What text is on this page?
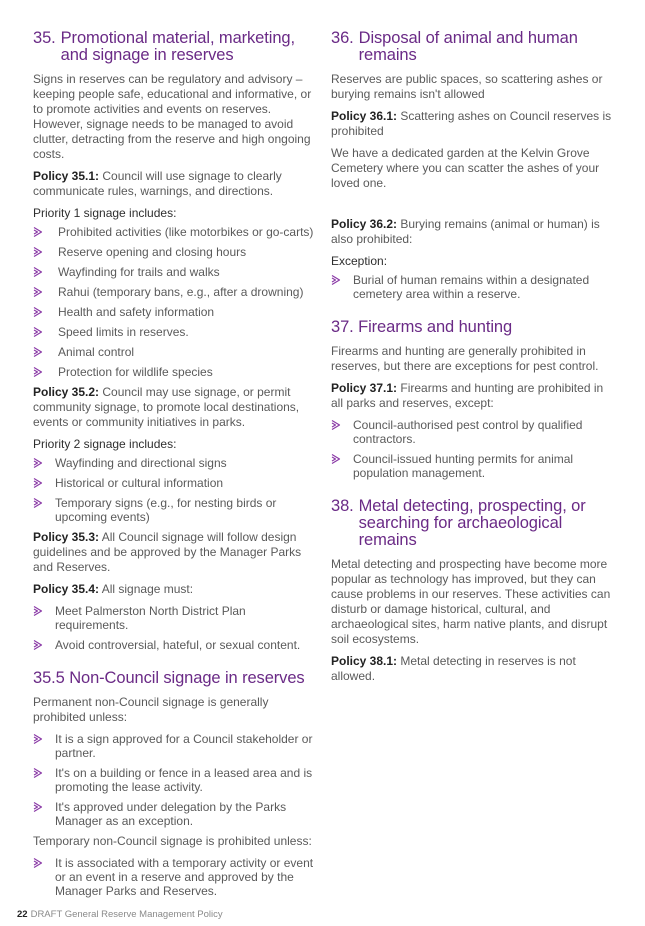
35. Promotional material, marketing, and signage in reserves

Signs in reserves can be regulatory and advisory – keeping people safe, educational and informative, or to promote activities and events on reserves. However, signage needs to be managed to avoid clutter, detracting from the reserve and high ongoing costs.

Policy 35.1: Council will use signage to clearly communicate rules, warnings, and directions.

Priority 1 signage includes:

Prohibited activities (like motorbikes or go-carts)
Reserve opening and closing hours
Wayfinding for trails and walks
Rahui (temporary bans, e.g., after a drowning)
Health and safety information
Speed limits in reserves.
Animal control
Protection for wildlife species

Policy 35.2: Council may use signage, or permit community signage, to promote local destinations, events or community initiatives in parks.

Priority 2 signage includes:

Wayfinding and directional signs
Historical or cultural information
Temporary signs (e.g., for nesting birds or upcoming events)

Policy 35.3: All Council signage will follow design guidelines and be approved by the Manager Parks and Reserves.

Policy 35.4: All signage must:

Meet Palmerston North District Plan requirements.
Avoid controversial, hateful, or sexual content.
35.5 Non-Council signage in reserves

Permanent non-Council signage is generally prohibited unless:

It is a sign approved for a Council stakeholder or partner.
It's on a building or fence in a leased area and is promoting the lease activity.
It's approved under delegation by the Parks Manager as an exception.

Temporary non-Council signage is prohibited unless:

It is associated with a temporary activity or event or an event in a reserve and approved by the Manager Parks and Reserves.
36. Disposal of animal and human remains

Reserves are public spaces, so scattering ashes or burying remains isn't allowed

Policy 36.1: Scattering ashes on Council reserves is prohibited

We have a dedicated garden at the Kelvin Grove Cemetery where you can scatter the ashes of your loved one.

Policy 36.2: Burying remains (animal or human) is also prohibited:

Exception:

Burial of human remains within a designated cemetery area within a reserve.
37. Firearms and hunting

Firearms and hunting are generally prohibited in reserves, but there are exceptions for pest control.

Policy 37.1: Firearms and hunting are prohibited in all parks and reserves, except:

Council-authorised pest control by qualified contractors.
Council-issued hunting permits for animal population management.
38. Metal detecting, prospecting, or searching for archaeological remains

Metal detecting and prospecting have become more popular as technology has improved, but they can cause problems in our reserves. These activities can disturb or damage historical, cultural, and archaeological sites, harm native plants, and disrupt soil ecosystems.

Policy 38.1: Metal detecting in reserves is not allowed.

22 DRAFT General Reserve Management Policy
